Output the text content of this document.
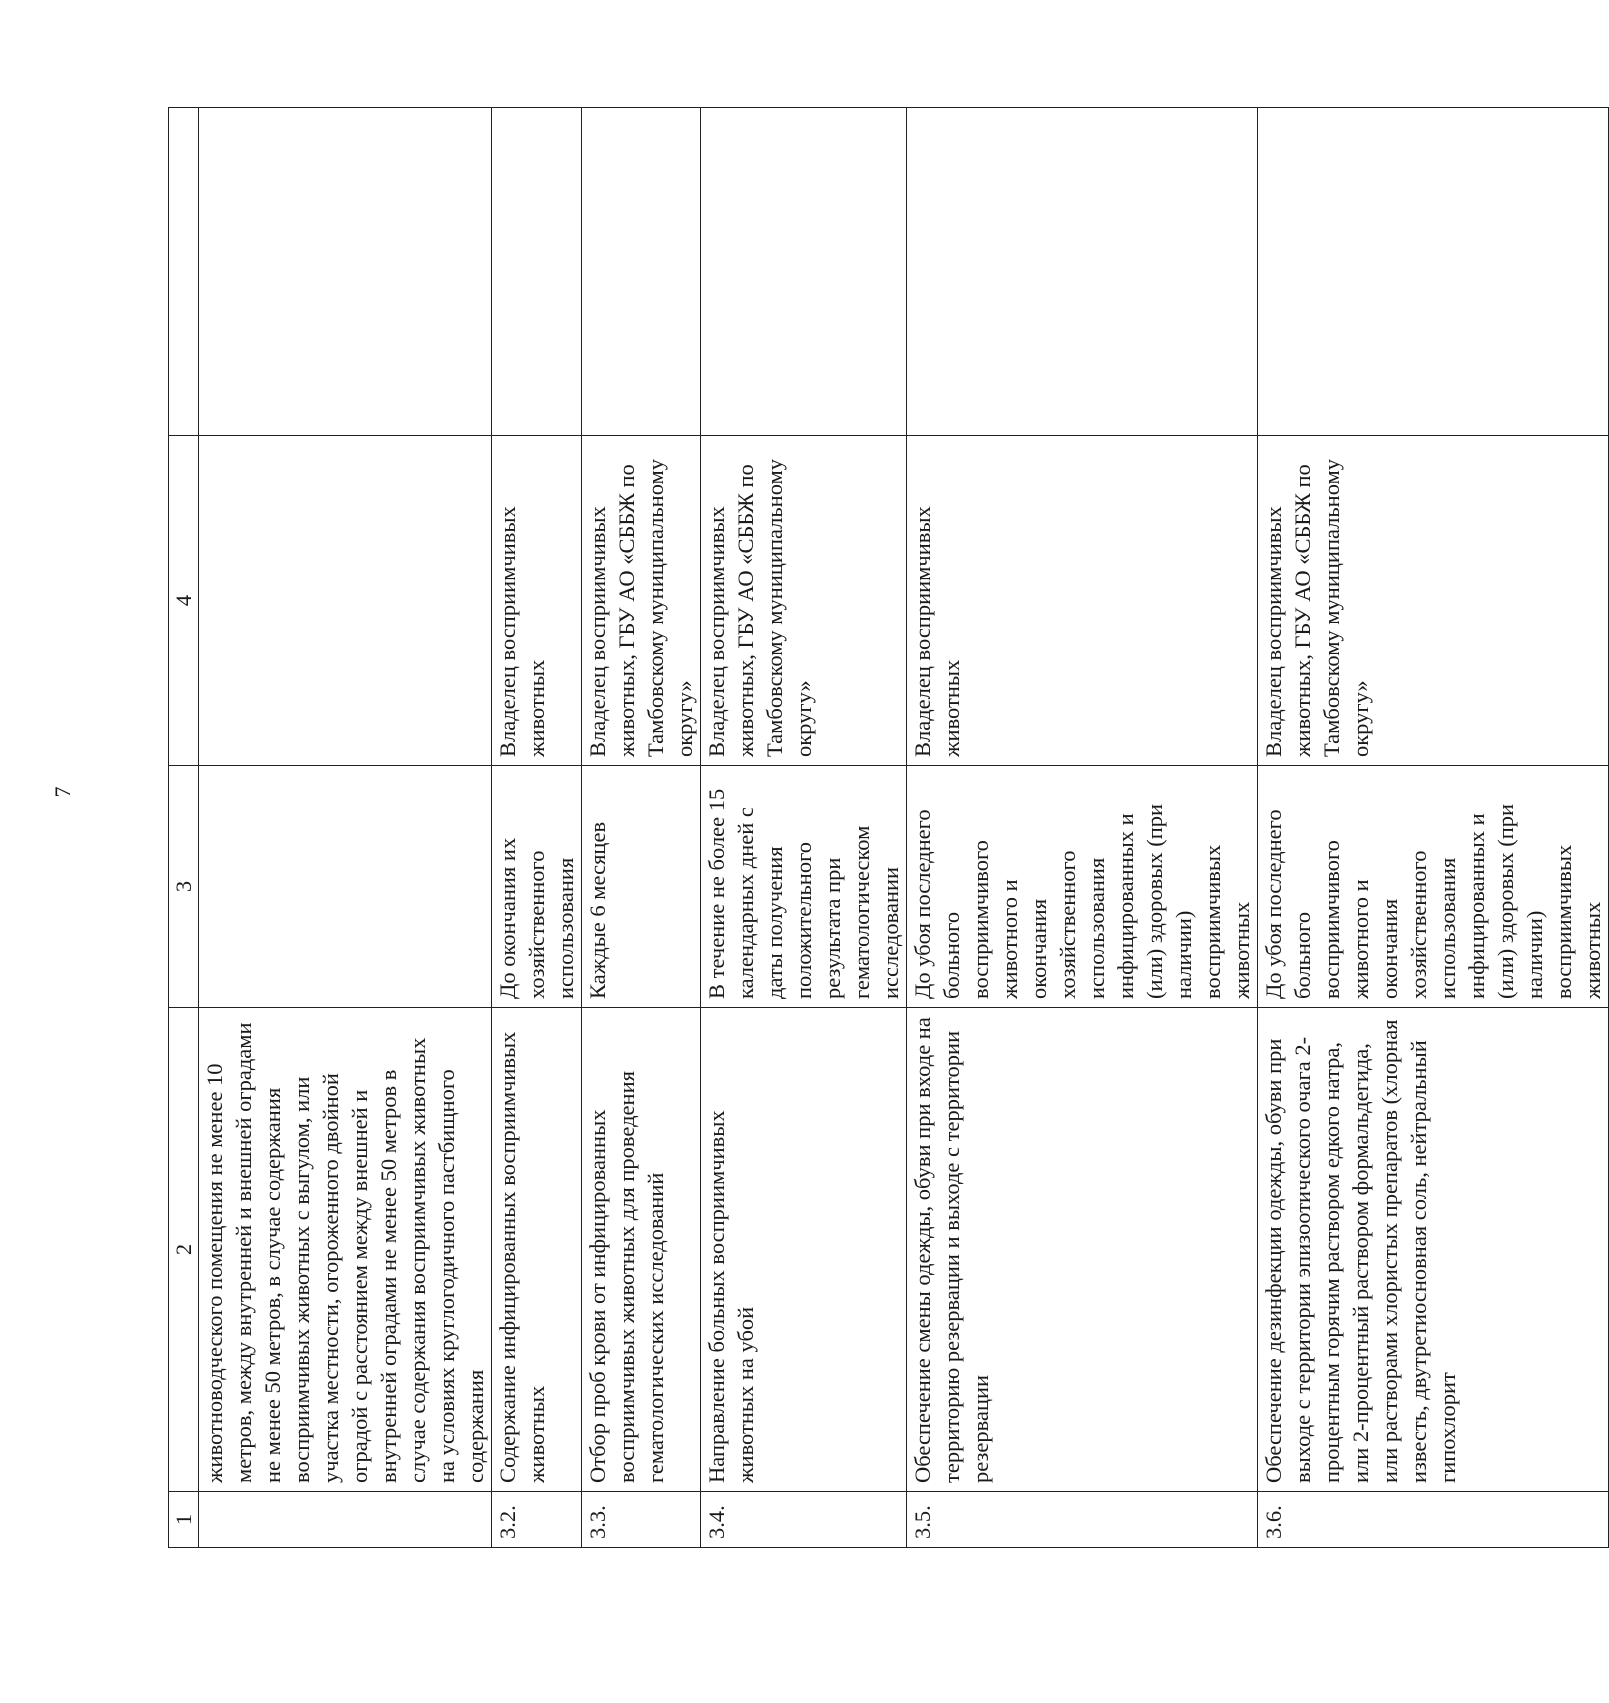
7
1	2	3	4	
	животноводческого помещения не менее 10 метров, между внутренней и внешней оградами не менее 50 метров, в случае содержания восприимчивых животных с выгулом, или участка местности, огороженного двойной оградой с расстоянием между внешней и внутренней оградами не менее 50 метров в случае содержания восприимчивых животных на условиях круглогодичного пастбищного содержания			
3.2.	Содержание инфицированных восприимчивых животных	До окончания их хозяйственного использования	Владелец восприимчивых животных	
3.3.	Отбор проб крови от инфицированных восприимчивых животных для проведения гематологических исследований	Каждые 6 месяцев	Владелец восприимчивых животных, ГБУ АО «СББЖ по Тамбовскому муниципальному округу»	
3.4.	Направление больных восприимчивых животных на убой	В течение не более 15 календарных дней с даты получения положительного результата при гематологическом исследовании	Владелец восприимчивых животных, ГБУ АО «СББЖ по Тамбовскому муниципальному округу»	
3.5.	Обеспечение смены одежды, обуви при входе на территорию резервации и выходе с территории резервации	До убоя последнего больного восприимчивого животного и окончания хозяйственного использования инфицированных и (или) здоровых (при наличии) восприимчивых животных	Владелец восприимчивых животных	
3.6.	Обеспечение дезинфекции одежды, обуви при выходе с территории эпизоотического очага 2-процентным горячим раствором едкого натра, или 2-процентный раствором формальдегида, или растворами хлористых препаратов (хлорная известь, двутретиосновная соль, нейтральный гипохлорит	До убоя последнего больного восприимчивого животного и окончания хозяйственного использования инфицированных и (или) здоровых (при наличии) восприимчивых животных	Владелец восприимчивых животных, ГБУ АО «СББЖ по Тамбовскому муниципальному округу»	
